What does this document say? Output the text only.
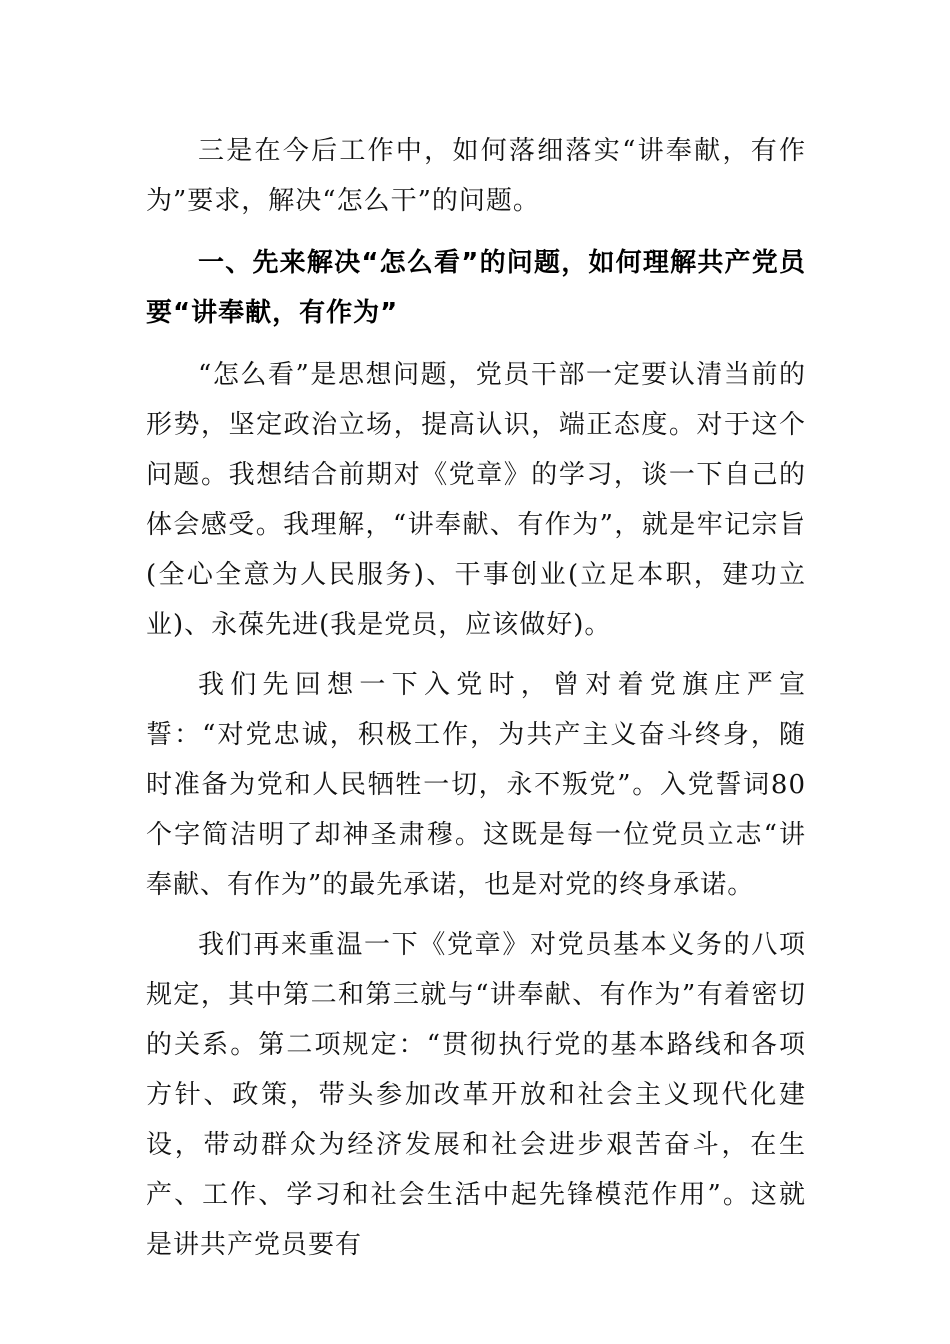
三是在今后工作中，如何落细落实“讲奉献，有作为”要求，解决“怎么干”的问题。

一、先来解决“怎么看”的问题，如何理解共产党员要“讲奉献，有作为”

“怎么看”是思想问题，党员干部一定要认清当前的形势，坚定政治立场，提高认识，端正态度。对于这个问题。我想结合前期对《党章》的学习，谈一下自己的体会感受。我理解，“讲奉献、有作为”，就是牢记宗旨(全心全意为人民服务)、干事创业(立足本职，建功立业)、永葆先进(我是党员，应该做好)。

我们先回想一下入党时，曾对着党旗庄严宣誓：“对党忠诚，积极工作，为共产主义奋斗终身，随时准备为党和人民牺牲一切，永不叛党”。入党誓词80个字简洁明了却神圣肃穆。这既是每一位党员立志“讲奉献、有作为”的最先承诺，也是对党的终身承诺。

我们再来重温一下《党章》对党员基本义务的八项规定，其中第二和第三就与“讲奉献、有作为”有着密切的关系。第二项规定：“贯彻执行党的基本路线和各项方针、政策，带头参加改革开放和社会主义现代化建设，带动群众为经济发展和社会进步艰苦奋斗，在生产、工作、学习和社会生活中起先锋模范作用”。这就是讲共产党员要有
